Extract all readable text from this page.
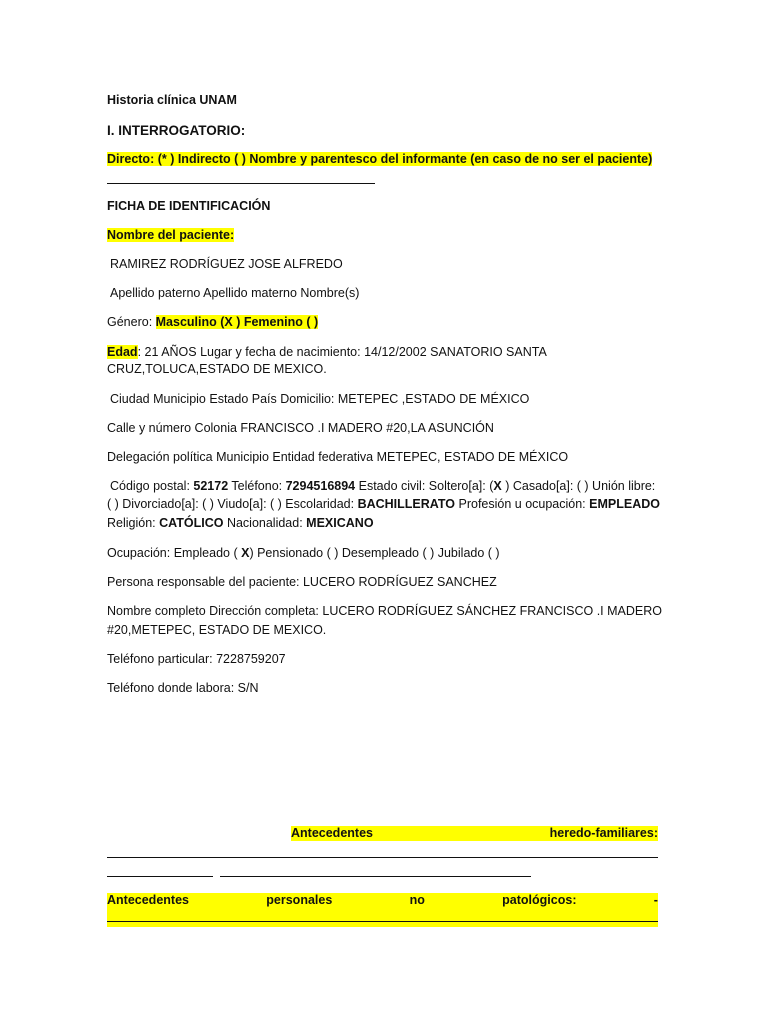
Historia clínica UNAM
I. INTERROGATORIO:
Directo: (* ) Indirecto ( ) Nombre y parentesco del informante (en caso de no ser el paciente)
FICHA DE IDENTIFICACIÓN
Nombre del paciente:
RAMIREZ RODRÍGUEZ JOSE ALFREDO
Apellido paterno Apellido materno Nombre(s)
Género: Masculino (X ) Femenino ( )
Edad: 21 AÑOS Lugar y fecha de nacimiento: 14/12/2002 SANATORIO SANTA
CRUZ,TOLUCA,ESTADO DE MEXICO.
Ciudad Municipio Estado País Domicilio: METEPEC ,ESTADO DE MÉXICO
Calle y número Colonia FRANCISCO .I MADERO #20,LA ASUNCIÓN
Delegación política Municipio Entidad federativa METEPEC, ESTADO DE MÉXICO
Código postal: 52172 Teléfono: 7294516894 Estado civil: Soltero[a]: (X ) Casado[a]: ( ) Unión libre:
( ) Divorciado[a]: ( ) Viudo[a]: ( ) Escolaridad: BACHILLERATO Profesión u ocupación: EMPLEADO
Religión: CATÓLICO Nacionalidad: MEXICANO
Ocupación: Empleado ( X) Pensionado ( ) Desempleado ( ) Jubilado ( )
Persona responsable del paciente: LUCERO RODRÍGUEZ SANCHEZ
Nombre completo Dirección completa: LUCERO RODRÍGUEZ SÁNCHEZ FRANCISCO .I MADERO
#20,METEPEC, ESTADO DE MEXICO.
Teléfono particular: 7228759207
Teléfono donde labora: S/N
Antecedentes	heredo-familiares:

Antecedentes	personales	no	patológicos:	-
